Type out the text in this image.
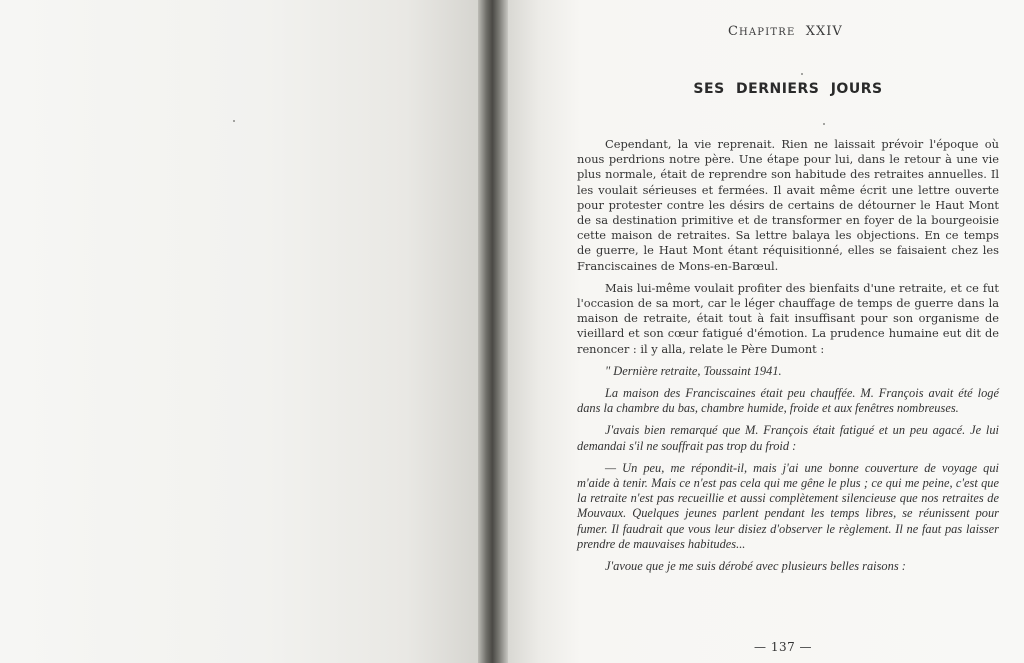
CHAPITRE XXIV
SES DERNIERS JOURS

Cependant, la vie reprenait. Rien ne laissait prévoir l'époque où nous perdrions notre père. Une étape pour lui, dans le retour à une vie plus normale, était de reprendre son habitude des retraites annuelles. Il les voulait sérieuses et fermées. Il avait même écrit une lettre ouverte pour protester contre les désirs de certains de détourner le Haut Mont de sa destination primitive et de transformer en foyer de la bourgeoisie cette maison de retraites. Sa lettre balaya les objections. En ce temps de guerre, le Haut Mont étant réquisitionné, elles se faisaient chez les Franciscaines de Mons-en-Barœul.

Mais lui-même voulait profiter des bienfaits d'une retraite, et ce fut l'occasion de sa mort, car le léger chauffage de temps de guerre dans la maison de retraite, était tout à fait insuffisant pour son organisme de vieillard et son cœur fatigué d'émotion. La prudence humaine eut dit de renoncer : il y alla, relate le Père Dumont :

" Dernière retraite, Toussaint 1941.

La maison des Franciscaines était peu chauffée. M. François avait été logé dans la chambre du bas, chambre humide, froide et aux fenêtres nombreuses.

J'avais bien remarqué que M. François était fatigué et un peu agacé. Je lui demandai s'il ne souffrait pas trop du froid :

— Un peu, me répondit-il, mais j'ai une bonne couverture de voyage qui m'aide à tenir. Mais ce n'est pas cela qui me gêne le plus ; ce qui me peine, c'est que la retraite n'est pas recueillie et aussi complètement silencieuse que nos retraites de Mouvaux. Quelques jeunes parlent pendant les temps libres, se réunissent pour fumer. Il faudrait que vous leur disiez d'observer le règlement. Il ne faut pas laisser prendre de mauvaises habitudes...

J'avoue que je me suis dérobé avec plusieurs belles raisons :

— 137 —
